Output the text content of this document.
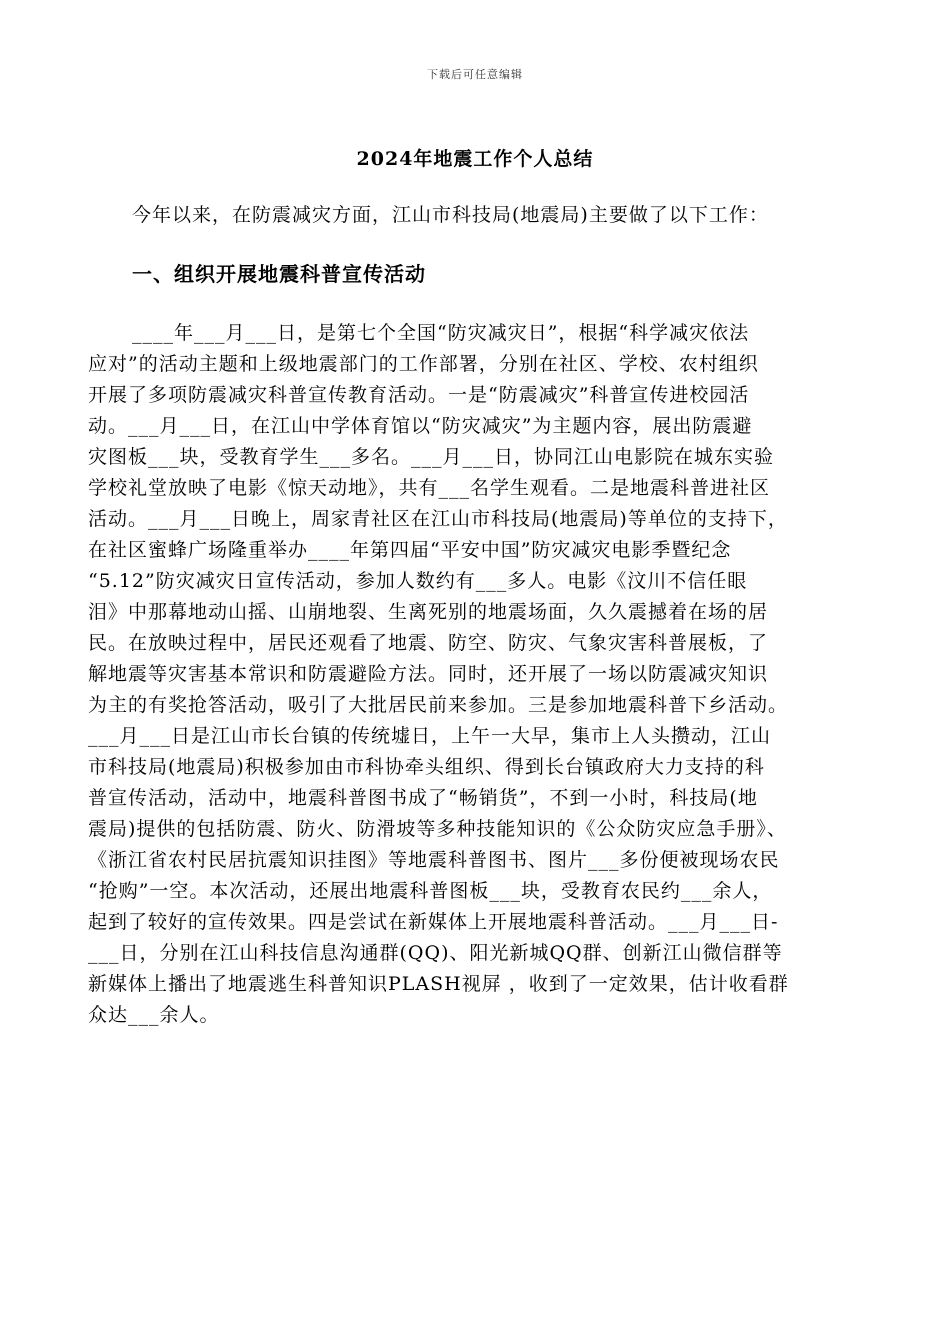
下载后可任意编辑
2024年地震工作个人总结
今年以来，在防震减灾方面，江山市科技局(地震局)主要做了以下工作：
一、组织开展地震科普宣传活动
____年___月___日，是第七个全国“防灾减灾日”，根据“科学减灾依法
应对”的活动主题和上级地震部门的工作部署，分别在社区、学校、农村组织
开展了多项防震减灾科普宣传教育活动。一是“防震减灾”科普宣传进校园活
动。___月___日，在江山中学体育馆以“防灾减灾”为主题内容，展出防震避
灾图板___块，受教育学生___多名。___月___日，协同江山电影院在城东实验
学校礼堂放映了电影《惊天动地》，共有___名学生观看。二是地震科普进社区
活动。___月___日晚上，周家青社区在江山市科技局(地震局)等单位的支持下，
在社区蜜蜂广场隆重举办____年第四届“平安中国”防灾减灾电影季暨纪念
“5.12”防灾减灾日宣传活动，参加人数约有___多人。电影《汶川不信任眼
泪》中那幕地动山摇、山崩地裂、生离死别的地震场面，久久震撼着在场的居
民。在放映过程中，居民还观看了地震、防空、防灾、气象灾害科普展板，了
解地震等灾害基本常识和防震避险方法。同时，还开展了一场以防震减灾知识
为主的有奖抢答活动，吸引了大批居民前来参加。三是参加地震科普下乡活动。
___月___日是江山市长台镇的传统墟日，上午一大早，集市上人头攒动，江山
市科技局(地震局)积极参加由市科协牵头组织、得到长台镇政府大力支持的科
普宣传活动，活动中，地震科普图书成了“畅销货”，不到一小时，科技局(地
震局)提供的包括防震、防火、防滑坡等多种技能知识的《公众防灾应急手册》、
《浙江省农村民居抗震知识挂图》等地震科普图书、图片___多份便被现场农民
“抢购”一空。本次活动，还展出地震科普图板___块，受教育农民约___余人，
起到了较好的宣传效果。四是尝试在新媒体上开展地震科普活动。___月___日-
___日，分别在江山科技信息沟通群(QQ)、阳光新城QQ群、创新江山微信群等
新媒体上播出了地震逃生科普知识PLASH视屏 ，收到了一定效果，估计收看群
众达___余人。
